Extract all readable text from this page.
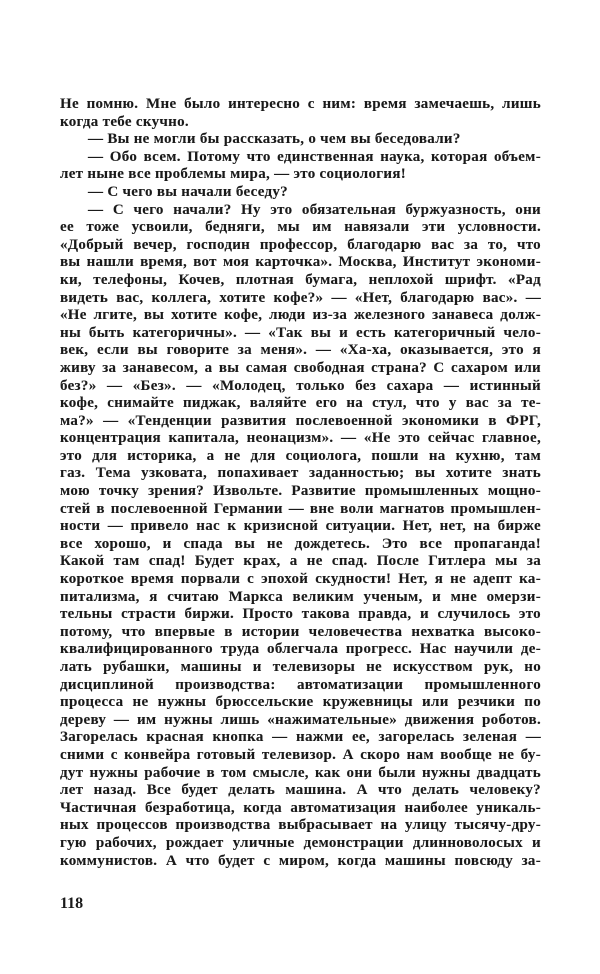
Не помню. Мне было интересно с ним: время замечаешь, лишь
когда тебе скучно.
— Вы не могли бы рассказать, о чем вы беседовали?
— Обо всем. Потому что единственная наука, которая объем-
лет ныне все проблемы мира, — это социология!
— С чего вы начали беседу?
— С чего начали? Ну это обязательная буржуазность, они
ее тоже усвоили, бедняги, мы им навязали эти условности.
«Добрый вечер, господин профессор, благодарю вас за то, что
вы нашли время, вот моя карточка». Москва, Институт экономи-
ки, телефоны, Кочев, плотная бумага, неплохой шрифт. «Рад
видеть вас, коллега, хотите кофе?» — «Нет, благодарю вас». —
«Не лгите, вы хотите кофе, люди из-за железного занавеса долж-
ны быть категоричны». — «Так вы и есть категоричный чело-
век, если вы говорите за меня». — «Ха-ха, оказывается, это я
живу за занавесом, а вы самая свободная страна? С сахаром или
без?» — «Без». — «Молодец, только без сахара — истинный
кофе, снимайте пиджак, валяйте его на стул, что у вас за те-
ма?» — «Тенденции развития послевоенной экономики в ФРГ,
концентрация капитала, неонацизм». — «Не это сейчас главное,
это для историка, а не для социолога, пошли на кухню, там
газ. Тема узковата, попахивает заданностью; вы хотите знать
мою точку зрения? Извольте. Развитие промышленных мощно-
стей в послевоенной Германии — вне воли магнатов промышлен-
ности — привело нас к кризисной ситуации. Нет, нет, на бирже
все хорошо, и спада вы не дождетесь. Это все пропаганда!
Какой там спад! Будет крах, а не спад. После Гитлера мы за
короткое время порвали с эпохой скудности! Нет, я не адепт ка-
питализма, я считаю Маркса великим ученым, и мне омерзи-
тельны страсти биржи. Просто такова правда, и случилось это
потому, что впервые в истории человечества нехватка высоко-
квалифицированного труда облегчала прогресс. Нас научили де-
лать рубашки, машины и телевизоры не искусством рук, но
дисциплиной производства: автоматизации промышленного
процесса не нужны брюссельские кружевницы или резчики по
дереву — им нужны лишь «нажимательные» движения роботов.
Загорелась красная кнопка — нажми ее, загорелась зеленая —
сними с конвейра готовый телевизор. А скоро нам вообще не бу-
дут нужны рабочие в том смысле, как они были нужны двадцать
лет назад. Все будет делать машина. А что делать человеку?
Частичная безработица, когда автоматизация наиболее уникаль-
ных процессов производства выбрасывает на улицу тысячу-дру-
гую рабочих, рождает уличные демонстрации длинноволосых и
коммунистов. А что будет с миром, когда машины повсюду за-
118
